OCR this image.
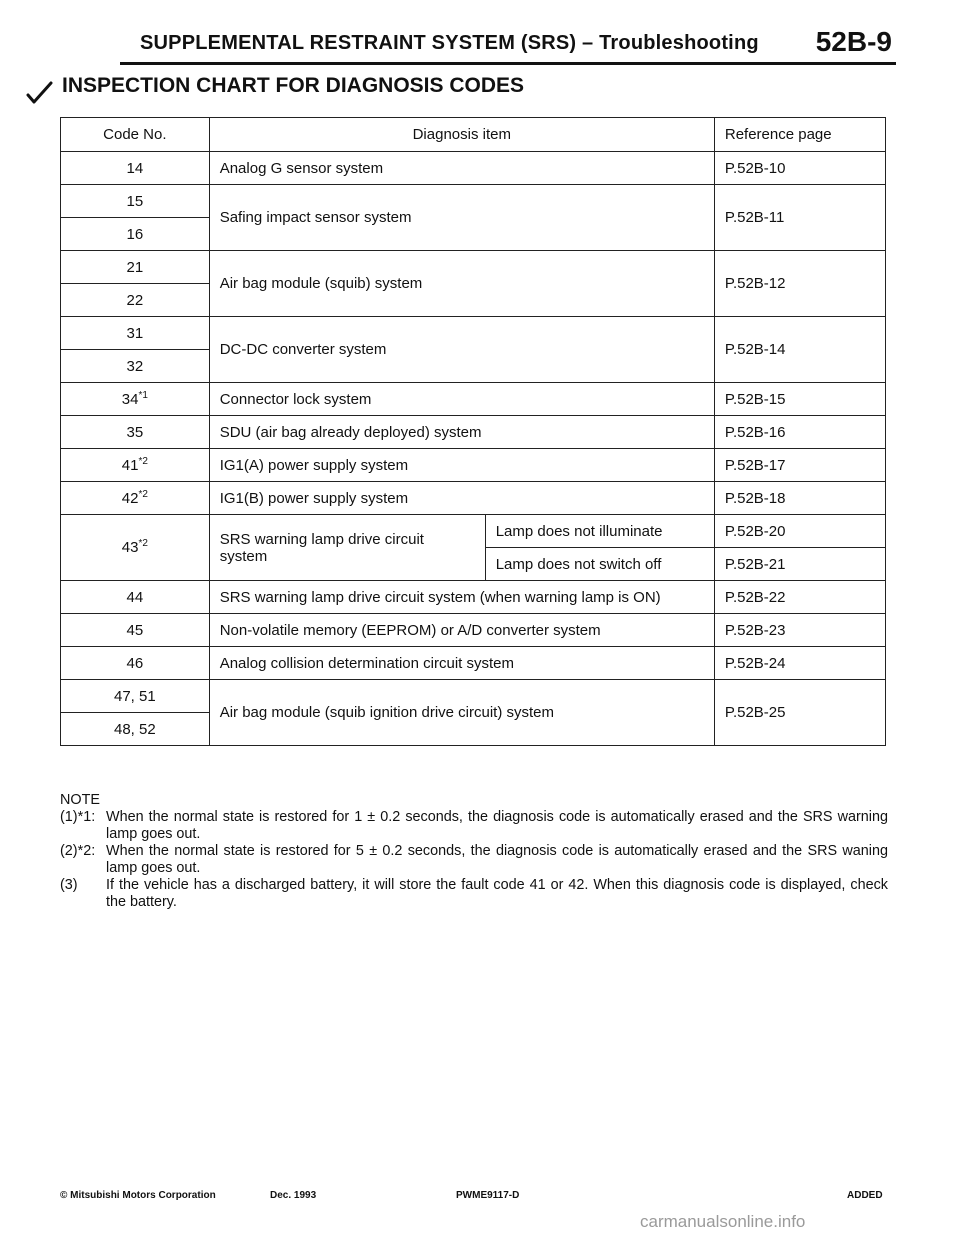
SUPPLEMENTAL RESTRAINT SYSTEM (SRS) – Troubleshooting 52B-9
INSPECTION CHART FOR DIAGNOSIS CODES
Code No.	Diagnosis item		Reference page
14	Analog G sensor system		P.52B-10
15	Safing impact sensor system		P.52B-11
16			
21	Air bag module (squib) system		P.52B-12
22			
31	DC-DC converter system		P.52B-14
32			
34$^{*1}$	Connector lock system		P.52B-15
35	SDU (air bag already deployed) system		P.52B-16
41$^{*2}$	IG1(A) power supply system		P.52B-17
42$^{*2}$	IG1(B) power supply system		P.52B-18
43$^{*2}$	SRS warning lamp drive circuit system	Lamp does not illuminate	P.52B-20
		Lamp does not switch off	P.52B-21
44	SRS warning lamp drive circuit system (when warning lamp is ON)		P.52B-22
45	Non-volatile memory (EEPROM) or A/D converter system		P.52B-23
46	Analog collision determination circuit system		P.52B-24
47, 51	Air bag module (squib ignition drive circuit) system		P.52B-25
48, 52			
NOTE
(1)*1: When the normal state is restored for 1 ± 0.2 seconds, the diagnosis code is automatically erased and the SRS warning lamp goes out.
(2)*2: When the normal state is restored for 5 ± 0.2 seconds, the diagnosis code is automatically erased and the SRS waning lamp goes out.
(3) If the vehicle has a discharged battery, it will store the fault code 41 or 42. When this diagnosis code is displayed, check the battery.
© Mitsubishi Motors Corporation	Dec. 1993	PWME9117-D	ADDED
carmanualsonline.info
